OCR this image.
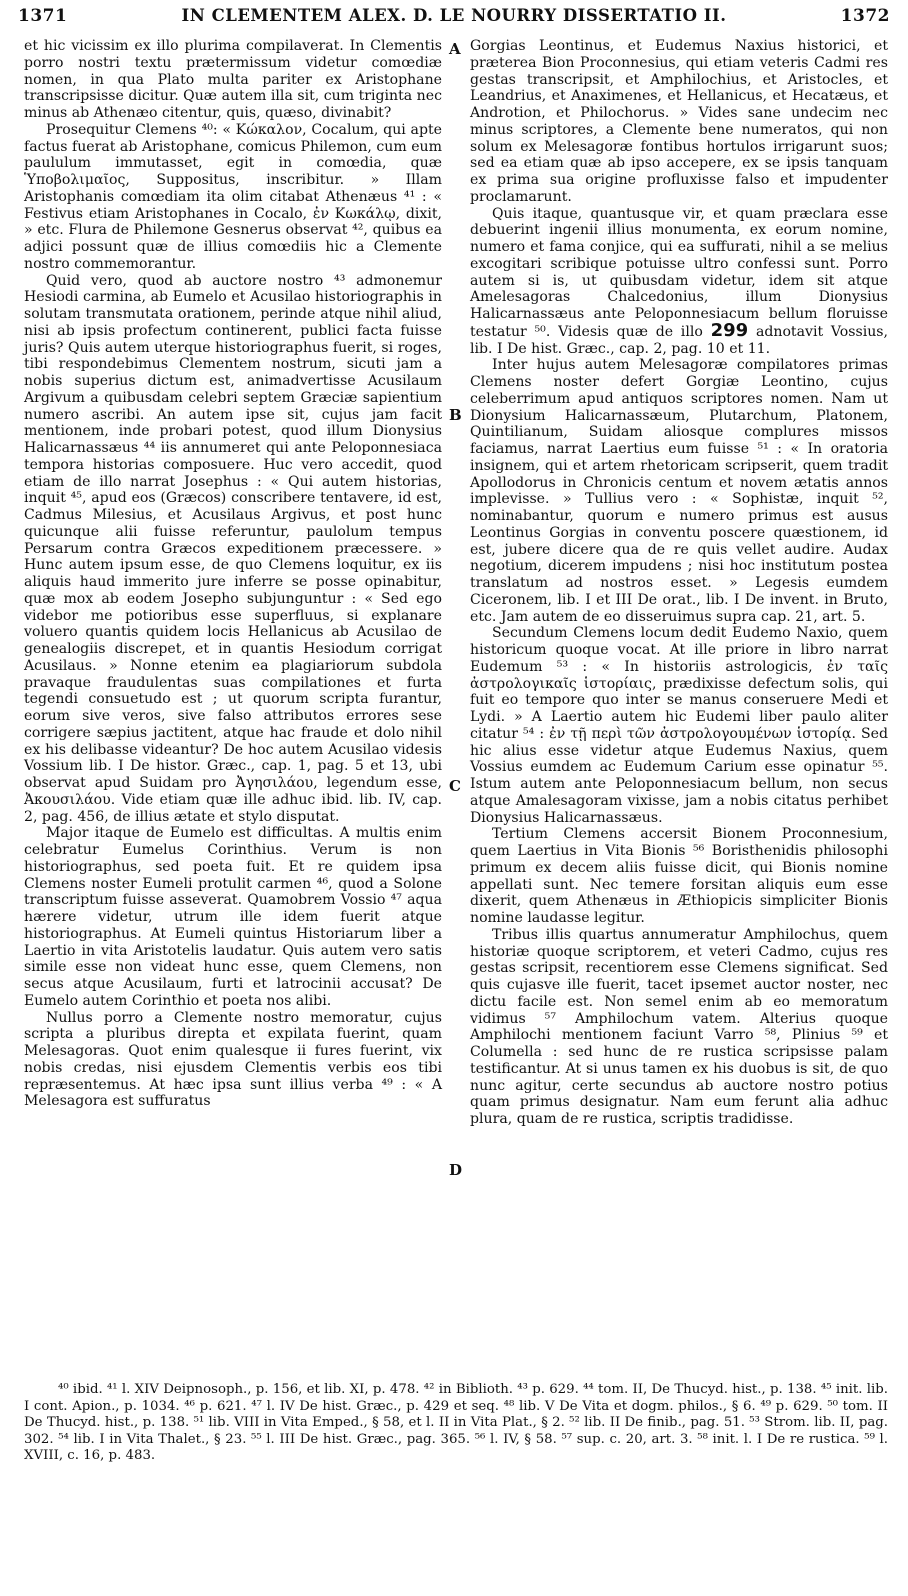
1371	IN CLEMENTEM ALEX. D. LE NOURRY DISSERTATIO II.	1372

et hic vicissim ex illo plurima compilaverat. In Clementis porro nostri textu prætermissum videtur comœdiæ nomen, in qua Plato multa pariter ex Aristophane transcripsisse dicitur. Quæ autem illa sit, cum triginta nec minus ab Athenæo citentur, quis, quæso, divinabit?

Prosequitur Clemens ⁴⁰: « Κώκαλον, Cocalum, qui apte factus fuerat ab Aristophane, comicus Philemon, cum eum paululum immutasset, egit in comœdia, quæ Ὑποβολιμαῖος, Suppositus, inscribitur. » Illam Aristophanis comœdiam ita olim citabat Athenæus ⁴¹ : « Festivus etiam Aristophanes in Cocalo, ἐν Κωκάλῳ, dixit, » etc. Flura de Philemone Gesnerus observat ⁴², quibus ea adjici possunt quæ de illius comœdiis hic a Clemente nostro commemorantur.

Quid vero, quod ab auctore nostro ⁴³ admonemur Hesiodi carmina, ab Eumelo et Acusilao historiographis in solutam transmutata orationem, perinde atque nihil aliud, nisi ab ipsis profectum continerent, publici facta fuisse juris? Quis autem uterque historiographus fuerit, si roges, tibi respondebimus Clementem nostrum, sicuti jam a nobis superius dictum est, animadvertisse Acusilaum Argivum a quibusdam celebri septem Græciæ sapientium numero ascribi. An autem ipse sit, cujus jam facit mentionem, inde probari potest, quod illum Dionysius Halicarnassæus ⁴⁴ iis annumeret qui ante Peloponnesiaca tempora historias composuere. Huc vero accedit, quod etiam de illo narrat Josephus : « Qui autem historias, inquit ⁴⁵, apud eos (Græcos) conscribere tentavere, id est, Cadmus Milesius, et Acusilaus Argivus, et post hunc quicunque alii fuisse referuntur, paulolum tempus Persarum contra Græcos expeditionem præcessere. » Hunc autem ipsum esse, de quo Clemens loquitur, ex iis aliquis haud immerito jure inferre se posse opinabitur, quæ mox ab eodem Josepho subjunguntur : « Sed ego videbor me potioribus esse superfluus, si explanare voluero quantis quidem locis Hellanicus ab Acusilao de genealogiis discrepet, et in quantis Hesiodum corrigat Acusilaus. » Nonne etenim ea plagiariorum subdola pravaque fraudulentas suas compilationes et furta tegendi consuetudo est ; ut quorum scripta furantur, eorum sive veros, sive falso attributos errores sese corrigere sæpius jactitent, atque hac fraude et dolo nihil ex his delibasse videantur? De hoc autem Acusilao videsis Vossium lib. I De histor. Græc., cap. 1, pag. 5 et 13, ubi observat apud Suidam pro Ἀγησιλάου, legendum esse, Ἀκουσιλάου. Vide etiam quæ ille adhuc ibid. lib. IV, cap. 2, pag. 456, de illius ætate et stylo disputat.

Major itaque de Eumelo est difficultas. A multis enim celebratur Eumelus Corinthius. Verum is non historiographus, sed poeta fuit. Et re quidem ipsa Clemens noster Eumeli protulit carmen ⁴⁶, quod a Solone transcriptum fuisse asseverat. Quamobrem Vossio ⁴⁷ aqua hærere videtur, utrum ille idem fuerit atque historiographus. At Eumeli quintus Historiarum liber a Laertio in vita Aristotelis laudatur. Quis autem vero satis simile esse non videat hunc esse, quem Clemens, non secus atque Acusilaum, furti et latrocinii accusat? De Eumelo autem Corinthio et poeta nos alibi.

Nullus porro a Clemente nostro memoratur, cujus scripta a pluribus direpta et expilata fuerint, quam Melesagoras. Quot enim qualesque ii fures fuerint, vix nobis credas, nisi ejusdem Clementis verbis eos tibi repræsentemus. At hæc ipsa sunt illius verba ⁴⁹ : « A Melesagora est suffuratus

A
B
C
D

Gorgias Leontinus, et Eudemus Naxius historici, et præterea Bion Proconnesius, qui etiam veteris Cadmi res gestas transcripsit, et Amphilochius, et Aristocles, et Leandrius, et Anaximenes, et Hellanicus, et Hecatæus, et Androtion, et Philochorus. » Vides sane undecim nec minus scriptores, a Clemente bene numeratos, qui non solum ex Melesagoræ fontibus hortulos irrigarunt suos; sed ea etiam quæ ab ipso accepere, ex se ipsis tanquam ex prima sua origine profluxisse falso et impudenter proclamarunt.

Quis itaque, quantusque vir, et quam præclara esse debuerint ingenii illius monumenta, ex eorum nomine, numero et fama conjice, qui ea suffurati, nihil a se melius excogitari scribique potuisse ultro confessi sunt. Porro autem si is, ut quibusdam videtur, idem sit atque Amelesagoras Chalcedonius, illum Dionysius Halicarnassæus ante Peloponnesiacum bellum floruisse testatur ⁵⁰. Videsis quæ de illo 299 adnotavit Vossius, lib. I De hist. Græc., cap. 2, pag. 10 et 11.

Inter hujus autem Melesagoræ compilatores primas Clemens noster defert Gorgiæ Leontino, cujus celeberrimum apud antiquos scriptores nomen. Nam ut Dionysium Halicarnassæum, Plutarchum, Platonem, Quintilianum, Suidam aliosque complures missos faciamus, narrat Laertius eum fuisse ⁵¹ : « In oratoria insignem, qui et artem rhetoricam scripserit, quem tradit Apollodorus in Chronicis centum et novem ætatis annos implevisse. » Tullius vero : « Sophistæ, inquit ⁵², nominabantur, quorum e numero primus est ausus Leontinus Gorgias in conventu poscere quæstionem, id est, jubere dicere qua de re quis vellet audire. Audax negotium, dicerem impudens ; nisi hoc institutum postea translatum ad nostros esset. » Legesis eumdem Ciceronem, lib. I et III De orat., lib. I De invent. in Bruto, etc. Jam autem de eo disseruimus supra cap. 21, art. 5.

Secundum Clemens locum dedit Eudemo Naxio, quem historicum quoque vocat. At ille priore in libro narrat Eudemum ⁵³ : « In historiis astrologicis, ἐν ταῖς ἀστρολογικαῖς ἱστορίαις, prædixisse defectum solis, qui fuit eo tempore quo inter se manus conseruere Medi et Lydi. » A Laertio autem hic Eudemi liber paulo aliter citatur ⁵⁴ : ἐν τῇ περὶ τῶν ἀστρολογουμένων ἱστορίᾳ. Sed hic alius esse videtur atque Eudemus Naxius, quem Vossius eumdem ac Eudemum Carium esse opinatur ⁵⁵. Istum autem ante Peloponnesiacum bellum, non secus atque Amalesagoram vixisse, jam a nobis citatus perhibet Dionysius Halicarnassæus.

Tertium Clemens accersit Bionem Proconnesium, quem Laertius in Vita Bionis ⁵⁶ Boristhenidis philosophi primum ex decem aliis fuisse dicit, qui Bionis nomine appellati sunt. Nec temere forsitan aliquis eum esse dixerit, quem Athenæus in Æthiopicis simpliciter Bionis nomine laudasse legitur.

Tribus illis quartus annumeratur Amphilochus, quem historiæ quoque scriptorem, et veteri Cadmo, cujus res gestas scripsit, recentiorem esse Clemens significat. Sed quis cujasve ille fuerit, tacet ipsemet auctor noster, nec dictu facile est. Non semel enim ab eo memoratum vidimus ⁵⁷ Amphilochum vatem. Alterius quoque Amphilochi mentionem faciunt Varro ⁵⁸, Plinius ⁵⁹ et Columella : sed hunc de re rustica scripsisse palam testificantur. At si unus tamen ex his duobus is sit, de quo nunc agitur, certe secundus ab auctore nostro potius quam primus designatur. Nam eum ferunt alia adhuc plura, quam de re rustica, scriptis tradidisse.

⁴⁰ ibid. ⁴¹ l. XIV Deipnosoph., p. 156, et lib. XI, p. 478. ⁴² in Biblioth. ⁴³ p. 629. ⁴⁴ tom. II, De Thucyd. hist., p. 138. ⁴⁵ init. lib. I cont. Apion., p. 1034. ⁴⁶ p. 621. ⁴⁷ l. IV De hist. Græc., p. 429 et seq. ⁴⁸ lib. V De Vita et dogm. philos., § 6. ⁴⁹ p. 629. ⁵⁰ tom. II De Thucyd. hist., p. 138. ⁵¹ lib. VIII in Vita Emped., § 58, et l. II in Vita Plat., § 2. ⁵² lib. II De finib., pag. 51. ⁵³ Strom. lib. II, pag. 302. ⁵⁴ lib. I in Vita Thalet., § 23. ⁵⁵ l. III De hist. Græc., pag. 365. ⁵⁶ l. IV, § 58. ⁵⁷ sup. c. 20, art. 3. ⁵⁸ init. l. I De re rustica. ⁵⁹ l. XVIII, c. 16, p. 483.
